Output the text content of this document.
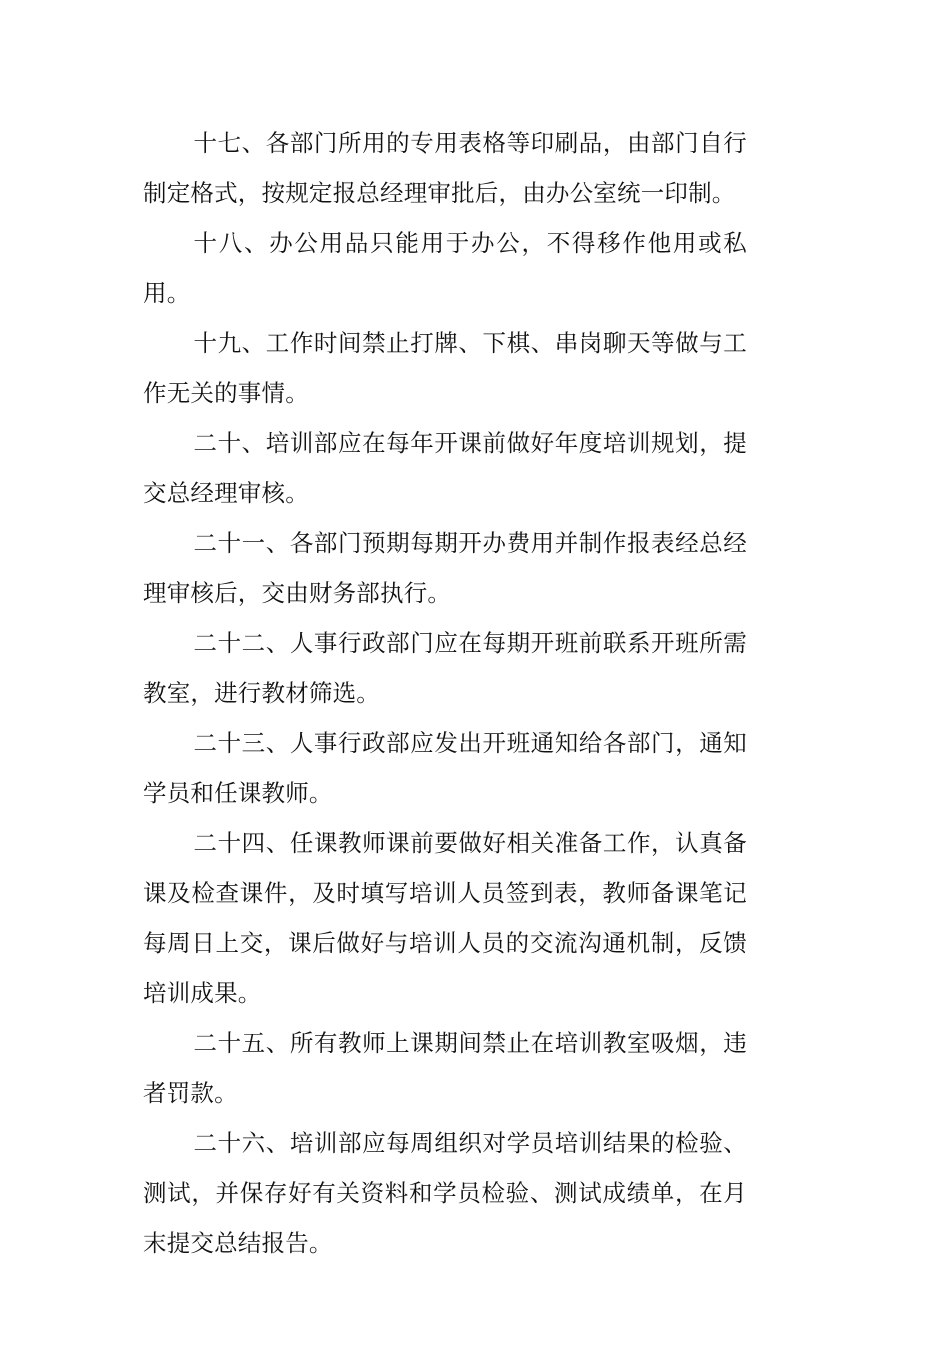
十七、各部门所用的专用表格等印刷品，由部门自行制定格式，按规定报总经理审批后，由办公室统一印制。

十八、办公用品只能用于办公，不得移作他用或私用。

十九、工作时间禁止打牌、下棋、串岗聊天等做与工作无关的事情。

二十、培训部应在每年开课前做好年度培训规划，提交总经理审核。

二十一、各部门预期每期开办费用并制作报表经总经理审核后，交由财务部执行。

二十二、人事行政部门应在每期开班前联系开班所需教室，进行教材筛选。

二十三、人事行政部应发出开班通知给各部门，通知学员和任课教师。

二十四、任课教师课前要做好相关准备工作，认真备课及检查课件，及时填写培训人员签到表，教师备课笔记每周日上交，课后做好与培训人员的交流沟通机制，反馈培训成果。

二十五、所有教师上课期间禁止在培训教室吸烟，违者罚款。

二十六、培训部应每周组织对学员培训结果的检验、测试，并保存好有关资料和学员检验、测试成绩单，在月末提交总结报告。
